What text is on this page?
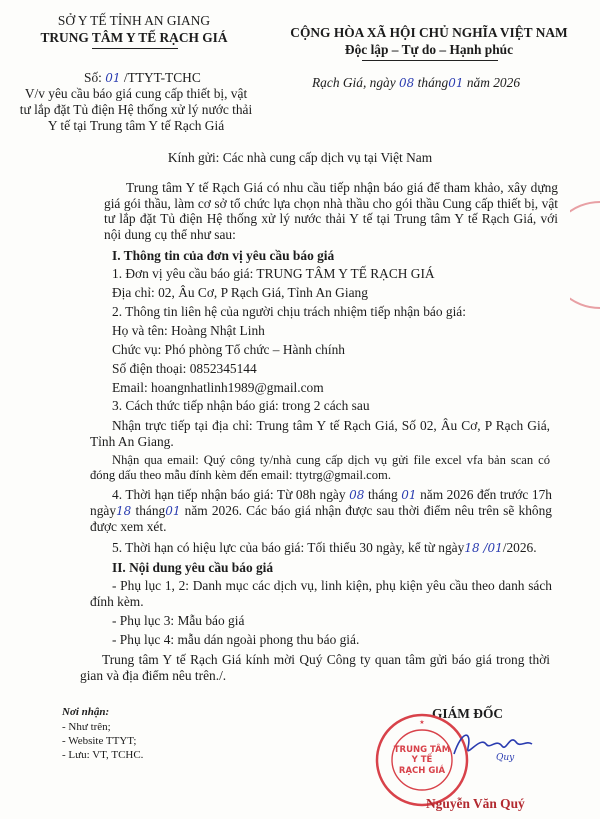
SỞ Y TẾ TỈNH AN GIANG
TRUNG TÂM Y TẾ RẠCH GIÁ
Số: 01 /TTYT-TCHC
V/v yêu cầu báo giá cung cấp thiết bị, vật tư lắp đặt Tủ điện Hệ thống xử lý nước thải Y tế tại Trung tâm Y tế Rạch Giá
CỘNG HÒA XÃ HỘI CHỦ NGHĨA VIỆT NAM
Độc lập – Tự do – Hạnh phúc
Rạch Giá, ngày 08 tháng01 năm 2026
Kính gửi: Các nhà cung cấp dịch vụ tại Việt Nam
Trung tâm Y tế Rạch Giá có nhu cầu tiếp nhận báo giá để tham khảo, xây dựng giá gói thầu, làm cơ sở tổ chức lựa chọn nhà thầu cho gói thầu Cung cấp thiết bị, vật tư lắp đặt Tủ điện Hệ thống xử lý nước thải Y tế tại Trung tâm Y tế Rạch Giá, với nội dung cụ thể như sau:
I. Thông tin của đơn vị yêu cầu báo giá
1. Đơn vị yêu cầu báo giá: TRUNG TÂM Y TẾ RẠCH GIÁ
Địa chỉ: 02, Âu Cơ, P Rạch Giá, Tỉnh An Giang
2. Thông tin liên hệ của người chịu trách nhiệm tiếp nhận báo giá:
Họ và tên: Hoàng Nhật Linh
Chức vụ: Phó phòng Tổ chức – Hành chính
Số điện thoại: 0852345144
Email: hoangnhatlinh1989@gmail.com
3. Cách thức tiếp nhận báo giá: trong 2 cách sau
Nhận trực tiếp tại địa chỉ: Trung tâm Y tế Rạch Giá, Số 02, Âu Cơ, P Rạch Giá, Tỉnh An Giang.
Nhận qua email: Quý công ty/nhà cung cấp dịch vụ gửi file excel vfa bản scan có đóng dấu theo mẫu đính kèm đến email: ttytrg@gmail.com.
4. Thời hạn tiếp nhận báo giá: Từ 08h ngày 08 tháng 01 năm 2026 đến trước 17h ngày18 tháng01 năm 2026. Các báo giá nhận được sau thời điểm nêu trên sẽ không được xem xét.
5. Thời hạn có hiệu lực của báo giá: Tối thiểu 30 ngày, kể từ ngày18 /01/2026.
II. Nội dung yêu cầu báo giá
- Phụ lục 1, 2: Danh mục các dịch vụ, linh kiện, phụ kiện yêu cầu theo danh sách đính kèm.
- Phụ lục 3: Mẫu báo giá
- Phụ lục 4: mẫu dán ngoài phong thu báo giá.
Trung tâm Y tế Rạch Giá kính mời Quý Công ty quan tâm gửi báo giá trong thời gian và địa điểm nêu trên./.
Nơi nhận:
- Như trên;
- Website TTYT;
- Lưu: VT, TCHC.
GIÁM ĐỐC
TRUNG TÂM
Y TẾ
RẠCH GIÁ
★
Quy
Nguyễn Văn Quý
